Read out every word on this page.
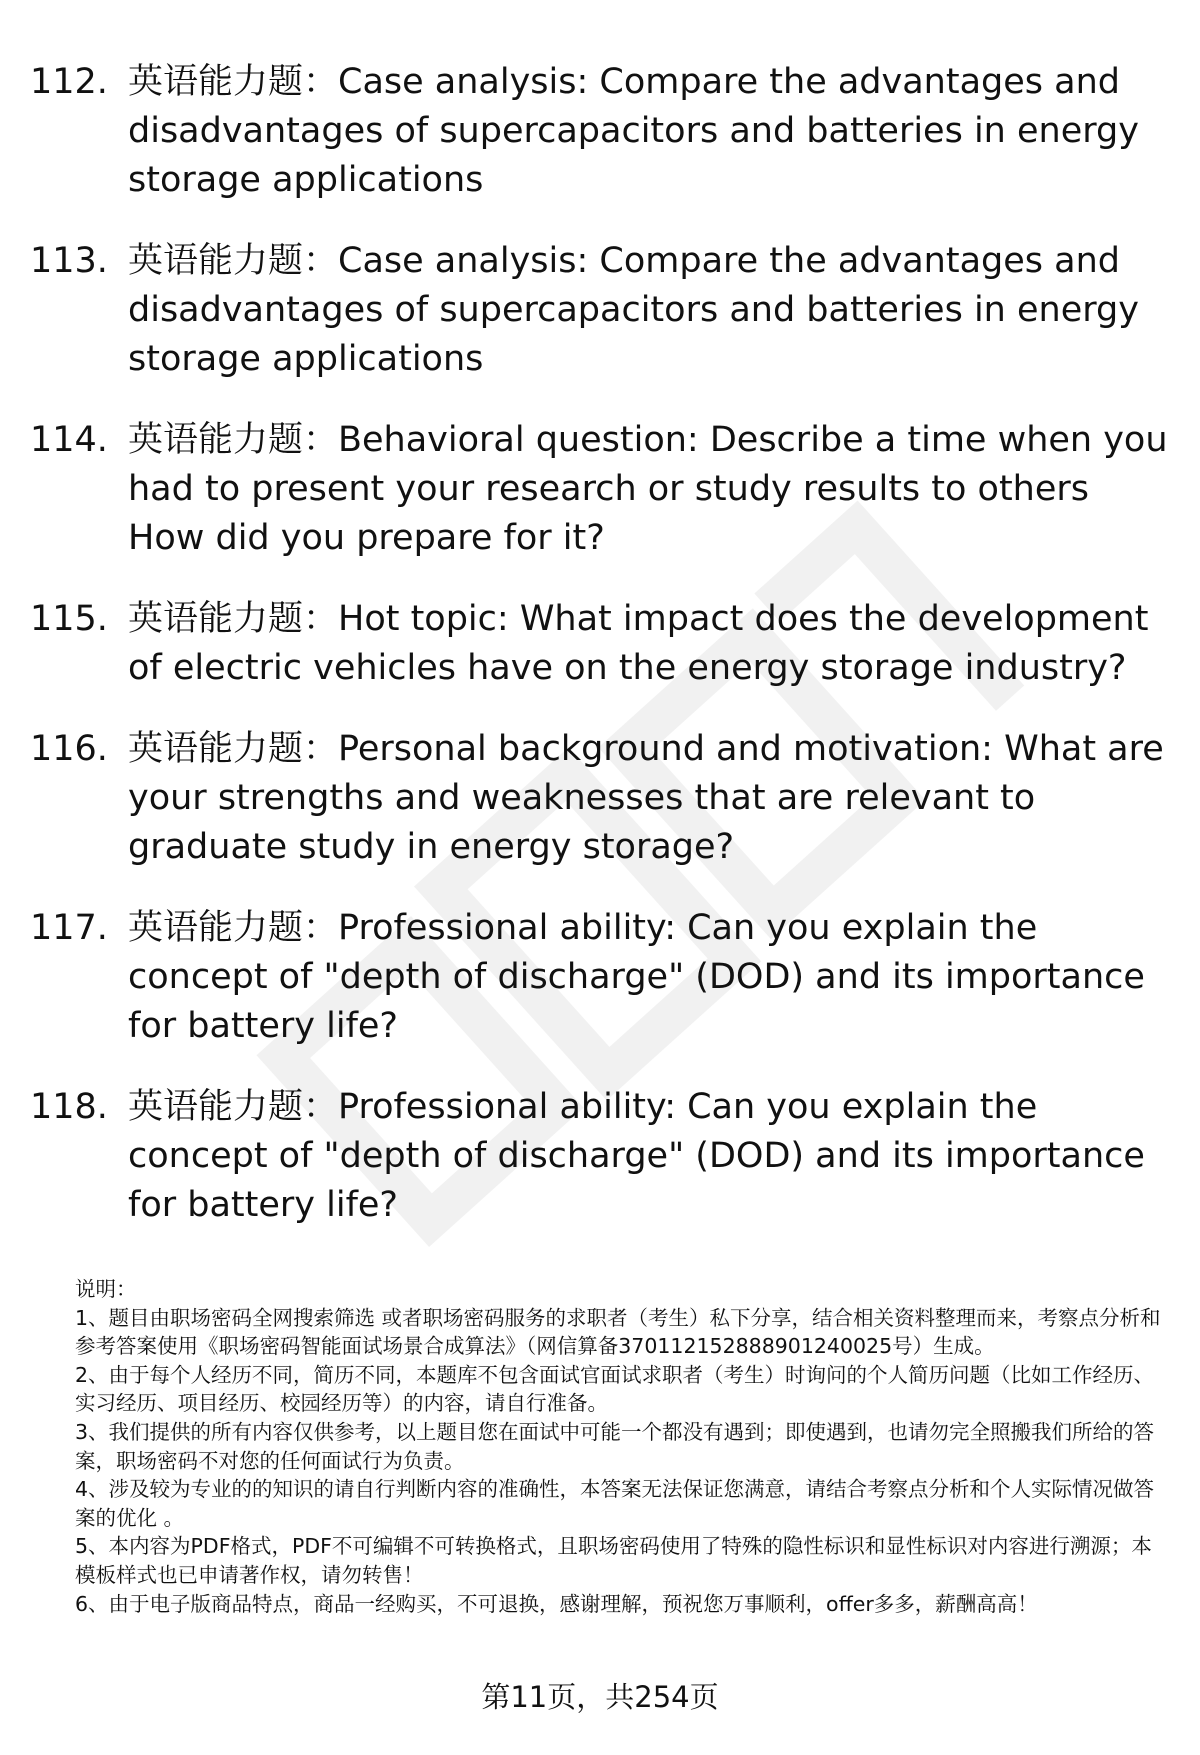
112. 英语能力题：Case analysis: Compare the advantages and disadvantages of supercapacitors and batteries in energy storage applications
113. 英语能力题：Case analysis: Compare the advantages and disadvantages of supercapacitors and batteries in energy storage applications
114. 英语能力题：Behavioral question: Describe a time when you had to present your research or study results to others How did you prepare for it?
115. 英语能力题：Hot topic: What impact does the development of electric vehicles have on the energy storage industry?
116. 英语能力题：Personal background and motivation: What are your strengths and weaknesses that are relevant to graduate study in energy storage?
117. 英语能力题：Professional ability: Can you explain the concept of "depth of discharge" (DOD) and its importance for battery life?
118. 英语能力题：Professional ability: Can you explain the concept of "depth of discharge" (DOD) and its importance for battery life?

说明：

1、题目由职场密码全网搜索筛选 或者职场密码服务的求职者（考生）私下分享，结合相关资料整理而来，考察点分析和参考答案使用《职场密码智能面试场景合成算法》（网信算备370112152888901240025号）生成。

2、由于每个人经历不同，简历不同，本题库不包含面试官面试求职者（考生）时询问的个人简历问题（比如工作经历、实习经历、项目经历、校园经历等）的内容，请自行准备。

3、我们提供的所有内容仅供参考，以上题目您在面试中可能一个都没有遇到；即使遇到，也请勿完全照搬我们所给的答案，职场密码不对您的任何面试行为负责。

4、涉及较为专业的的知识的请自行判断内容的准确性，本答案无法保证您满意，请结合考察点分析和个人实际情况做答案的优化 。

5、本内容为PDF格式，PDF不可编辑不可转换格式，且职场密码使用了特殊的隐性标识和显性标识对内容进行溯源；本模板样式也已申请著作权，请勿转售！

6、由于电子版商品特点，商品一经购买，不可退换，感谢理解，预祝您万事顺利，offer多多，薪酬高高！

第11页，共254页
